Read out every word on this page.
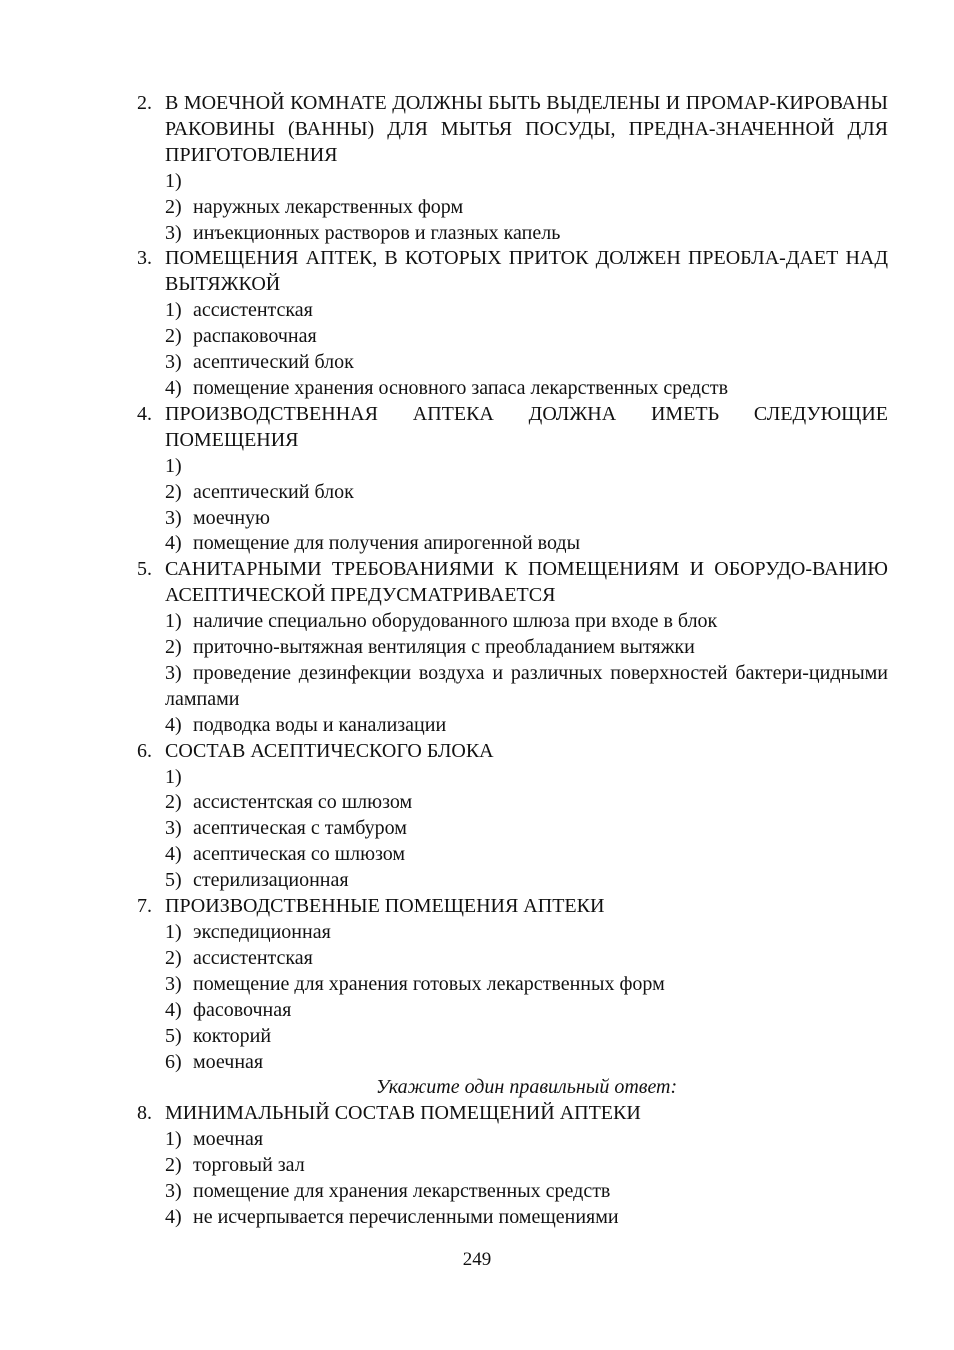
2. В МОЕЧНОЙ КОМНАТЕ ДОЛЖНЫ БЫТЬ ВЫДЕЛЕНЫ И ПРОМАР-КИРОВАНЫ РАКОВИНЫ (ВАННЫ) ДЛЯ МЫТЬЯ ПОСУДЫ, ПРЕДНА-ЗНАЧЕННОЙ ДЛЯ ПРИГОТОВЛЕНИЯ
1)
2) наружных лекарственных форм
3) инъекционных растворов и глазных капель
3. ПОМЕЩЕНИЯ АПТЕК, В КОТОРЫХ ПРИТОК ДОЛЖЕН ПРЕОБЛА-ДАЕТ НАД ВЫТЯЖКОЙ
1) ассистентская
2) распаковочная
3) асептический блок
4) помещение хранения основного запаса лекарственных средств
4. ПРОИЗВОДСТВЕННАЯ АПТЕКА ДОЛЖНА ИМЕТЬ СЛЕДУЮЩИЕ ПОМЕЩЕНИЯ
1)
2) асептический блок
3) моечную
4) помещение для получения апирогенной воды
5. САНИТАРНЫМИ ТРЕБОВАНИЯМИ К ПОМЕЩЕНИЯМ И ОБОРУДО-ВАНИЮ АСЕПТИЧЕСКОЙ ПРЕДУСМАТРИВАЕТСЯ
1) наличие специально оборудованного шлюза при входе в блок
2) приточно-вытяжная вентиляция с преобладанием вытяжки
3) проведение дезинфекции воздуха и различных поверхностей бактери-цидными лампами
4) подводка воды и канализации
6. СОСТАВ АСЕПТИЧЕСКОГО БЛОКА
1)
2) ассистентская со шлюзом
3) асептическая с тамбуром
4) асептическая со шлюзом
5) стерилизационная
7. ПРОИЗВОДСТВЕННЫЕ ПОМЕЩЕНИЯ АПТЕКИ
1) экспедиционная
2) ассистентская
3) помещение для хранения готовых лекарственных форм
4) фасовочная
5) кокторий
6) моечная
Укажите один правильный ответ:
8. МИНИМАЛЬНЫЙ СОСТАВ ПОМЕЩЕНИЙ АПТЕКИ
1) моечная
2) торговый зал
3) помещение для хранения лекарственных средств
4) не исчерпывается перечисленными помещениями
249
